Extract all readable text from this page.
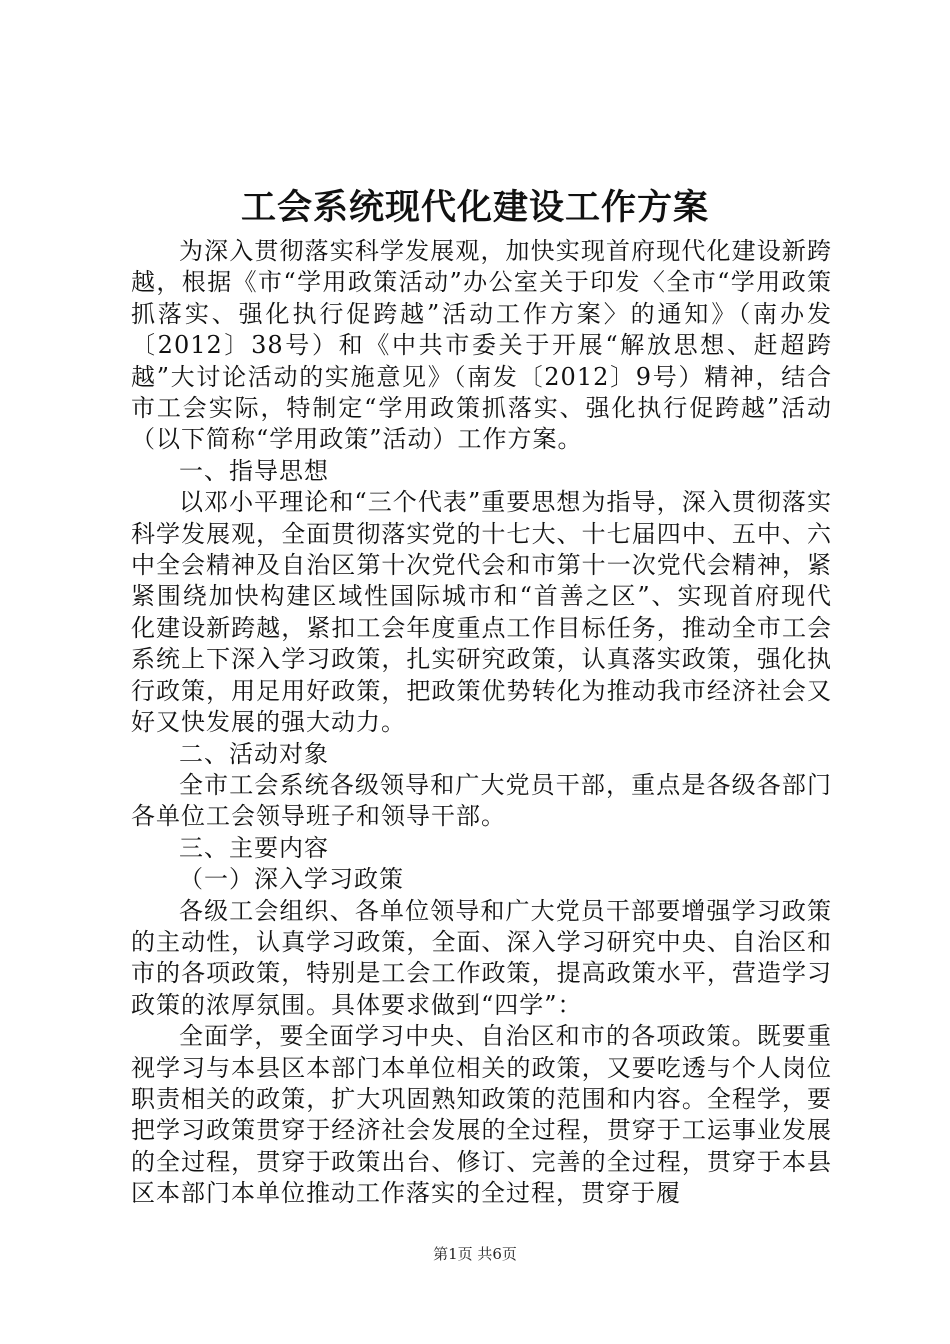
工会系统现代化建设工作方案

为深入贯彻落实科学发展观，加快实现首府现代化建设新跨越，根据《市“学用政策活动”办公室关于印发〈全市“学用政策抓落实、强化执行促跨越”活动工作方案〉的通知》（南办发〔2012〕38号）和《中共市委关于开展“解放思想、赶超跨越”大讨论活动的实施意见》（南发〔2012〕9号）精神，结合市工会实际，特制定“学用政策抓落实、强化执行促跨越”活动（以下简称“学用政策”活动）工作方案。

一、指导思想

以邓小平理论和“三个代表”重要思想为指导，深入贯彻落实科学发展观，全面贯彻落实党的十七大、十七届四中、五中、六中全会精神及自治区第十次党代会和市第十一次党代会精神，紧紧围绕加快构建区域性国际城市和“首善之区”、实现首府现代化建设新跨越，紧扣工会年度重点工作目标任务，推动全市工会系统上下深入学习政策，扎实研究政策，认真落实政策，强化执行政策，用足用好政策，把政策优势转化为推动我市经济社会又好又快发展的强大动力。

二、活动对象

全市工会系统各级领导和广大党员干部，重点是各级各部门各单位工会领导班子和领导干部。

三、主要内容

（一）深入学习政策

各级工会组织、各单位领导和广大党员干部要增强学习政策的主动性，认真学习政策，全面、深入学习研究中央、自治区和市的各项政策，特别是工会工作政策，提高政策水平，营造学习政策的浓厚氛围。具体要求做到“四学”：

全面学，要全面学习中央、自治区和市的各项政策。既要重视学习与本县区本部门本单位相关的政策，又要吃透与个人岗位职责相关的政策，扩大巩固熟知政策的范围和内容。全程学，要把学习政策贯穿于经济社会发展的全过程，贯穿于工运事业发展的全过程，贯穿于政策出台、修订、完善的全过程，贯穿于本县区本部门本单位推动工作落实的全过程，贯穿于履

第1页 共6页
